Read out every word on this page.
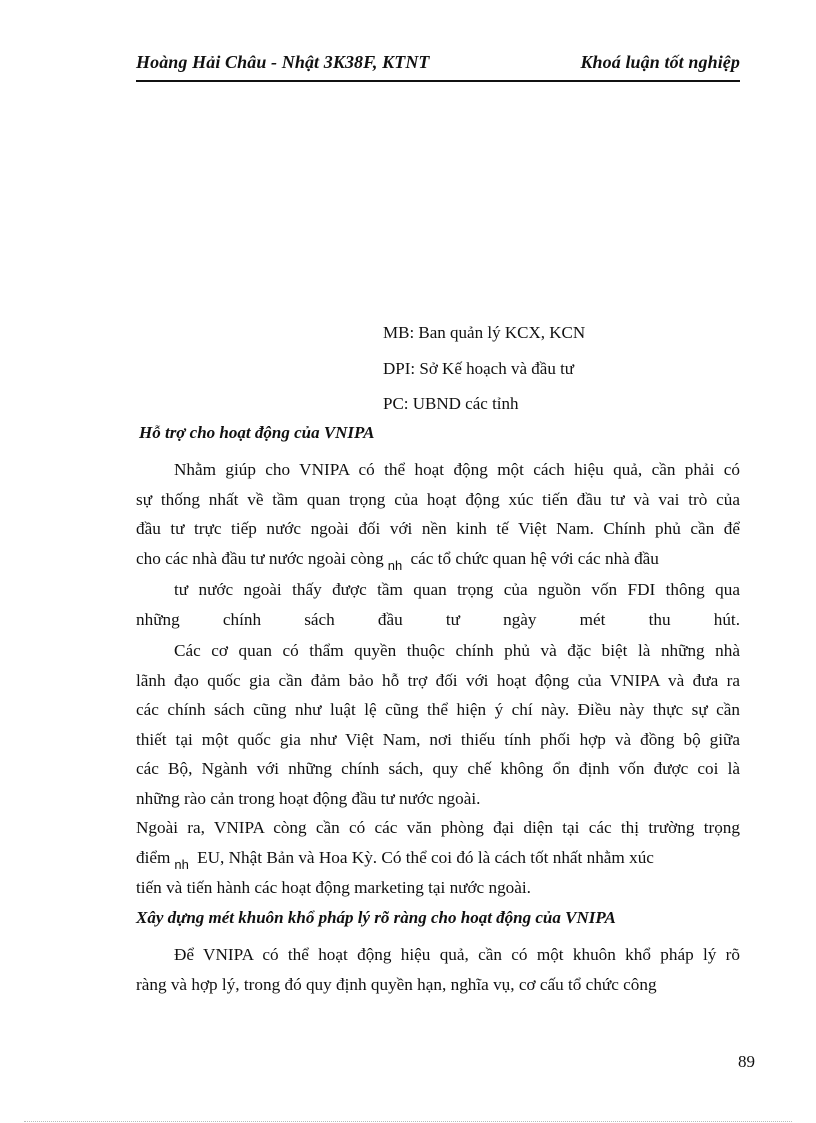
Hoàng Hải Châu - Nhật 3K38F, KTNT	Khoá luận tốt nghiệp
MB: Ban quản lý KCX, KCN
DPI: Sở Kế hoạch và đầu tư
PC: UBND các tỉnh
Hỗ trợ cho hoạt động của VNIPA
Nhằm giúp cho VNIPA có thể hoạt động một cách hiệu quả, cần phải có
sự thống nhất về tầm quan trọng của hoạt động xúc tiến đầu tư và vai trò của
đầu tư trực tiếp nước ngoài đối với nền kinh tế Việt Nam. Chính phủ cần để
cho các nhà đầu tư nước ngoài còng $_{nh}$ các tổ chức quan hệ với các nhà đầu
tư nước ngoài thấy được tầm quan trọng của nguồn vốn FDI thông qua
những chính sách đầu tư ngày mét thu hút.
Các cơ quan có thẩm quyền thuộc chính phủ và đặc biệt là những nhà
lãnh đạo quốc gia cần đảm bảo hỗ trợ đối với hoạt động của VNIPA và đưa ra
các chính sách cũng như luật lệ cũng thể hiện ý chí này. Điều này thực sự cần
thiết tại một quốc gia như Việt Nam, nơi thiếu tính phối hợp và đồng bộ giữa
các Bộ, Ngành với những chính sách, quy chế không ổn định vốn được coi là
những rào cản trong hoạt động đầu tư nước ngoài.
Ngoài ra, VNIPA còng cần có các văn phòng đại diện tại các thị trường trọng
điểm $_{nh}$ EU, Nhật Bản và Hoa Kỳ. Có thể coi đó là cách tốt nhất nhằm xúc
tiến và tiến hành các hoạt động marketing tại nước ngoài.
Xây dựng mét khuôn khổ pháp lý rõ ràng cho hoạt động của VNIPA
Để VNIPA có thể hoạt động hiệu quả, cần có một khuôn khổ pháp lý rõ
ràng và hợp lý, trong đó quy định quyền hạn, nghĩa vụ, cơ cấu tổ chức công
89
